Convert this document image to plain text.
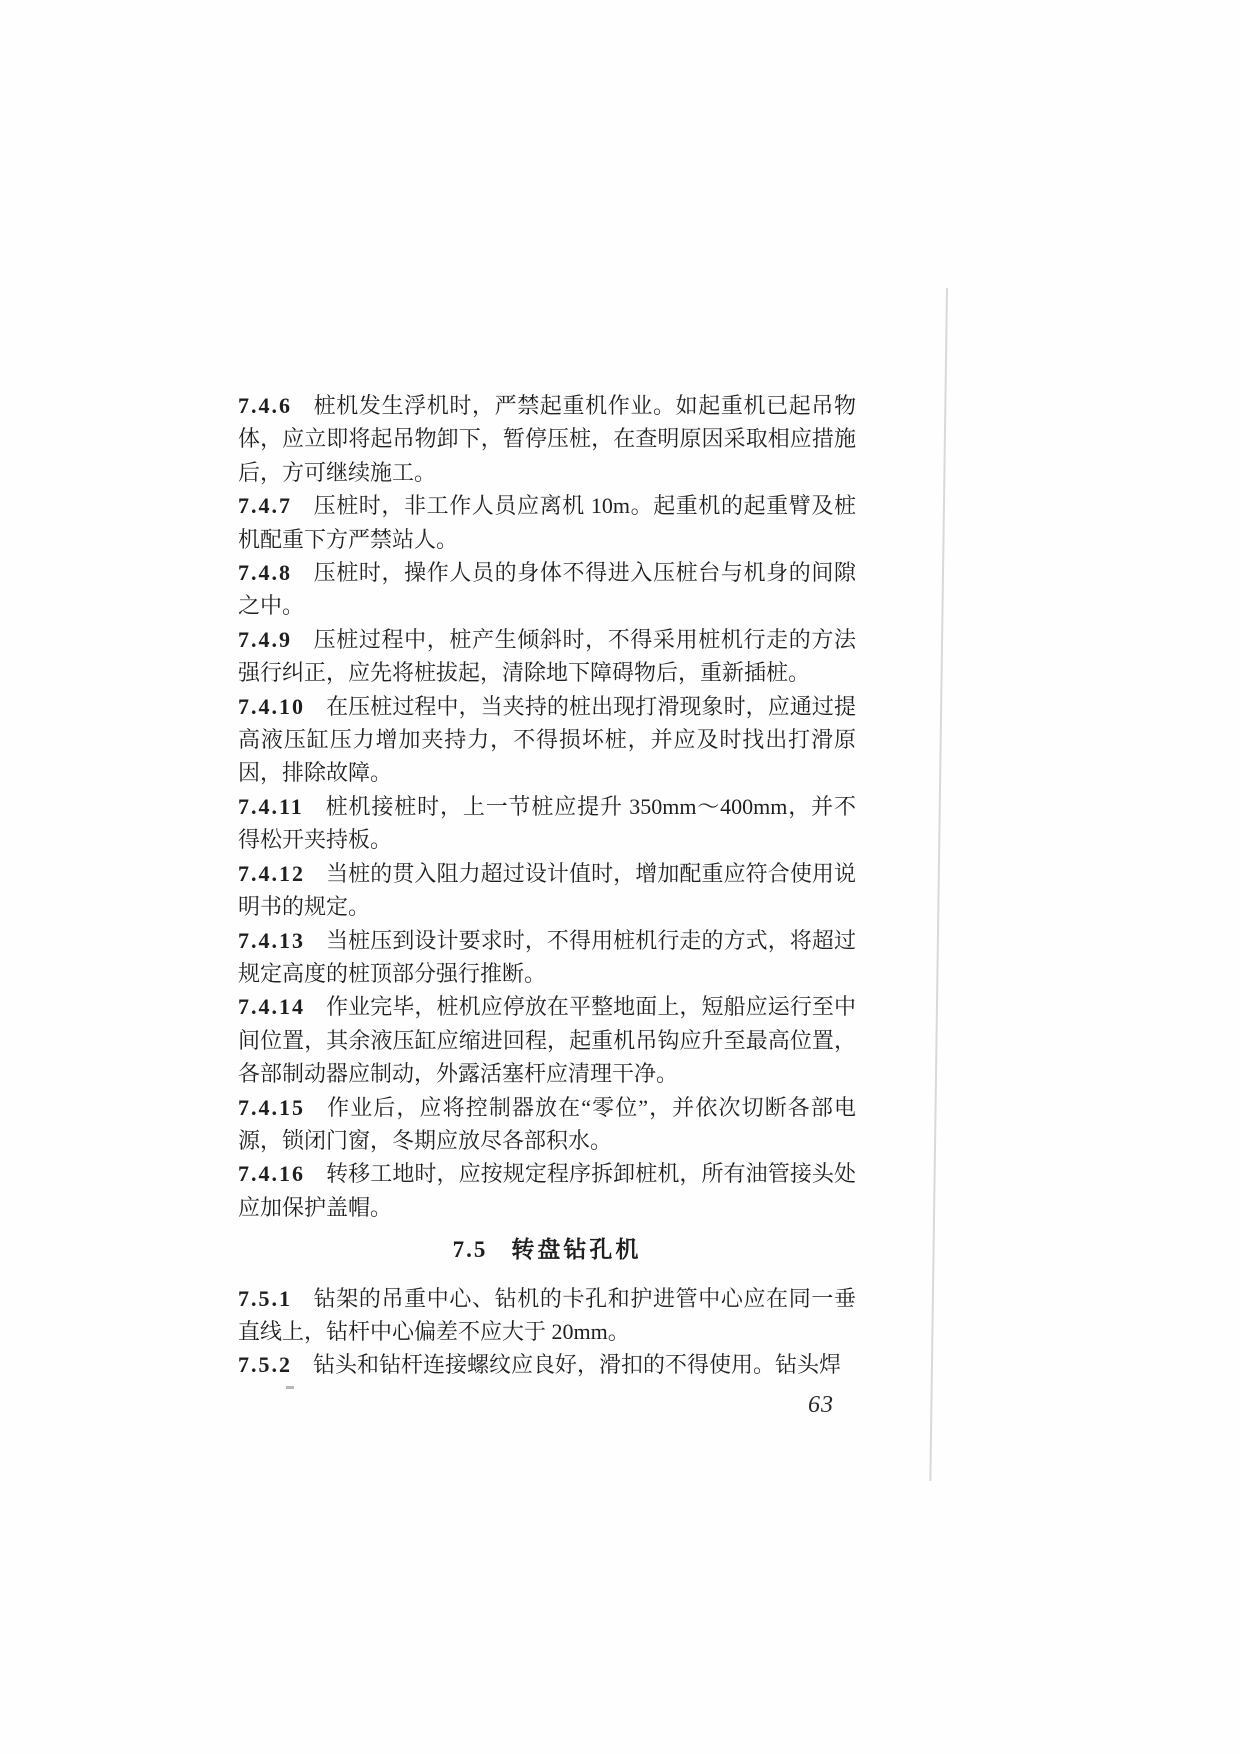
7.4.6 桩机发生浮机时，严禁起重机作业。如起重机已起吊物体，应立即将起吊物卸下，暂停压桩，在查明原因采取相应措施后，方可继续施工。

7.4.7 压桩时，非工作人员应离机 10m。起重机的起重臂及桩机配重下方严禁站人。

7.4.8 压桩时，操作人员的身体不得进入压桩台与机身的间隙之中。

7.4.9 压桩过程中，桩产生倾斜时，不得采用桩机行走的方法强行纠正，应先将桩拔起，清除地下障碍物后，重新插桩。

7.4.10 在压桩过程中，当夹持的桩出现打滑现象时，应通过提高液压缸压力增加夹持力，不得损坏桩，并应及时找出打滑原因，排除故障。

7.4.11 桩机接桩时，上一节桩应提升 350mm～400mm，并不得松开夹持板。

7.4.12 当桩的贯入阻力超过设计值时，增加配重应符合使用说明书的规定。

7.4.13 当桩压到设计要求时，不得用桩机行走的方式，将超过规定高度的桩顶部分强行推断。

7.4.14 作业完毕，桩机应停放在平整地面上，短船应运行至中间位置，其余液压缸应缩进回程，起重机吊钩应升至最高位置，各部制动器应制动，外露活塞杆应清理干净。

7.4.15 作业后，应将控制器放在“零位”，并依次切断各部电源，锁闭门窗，冬期应放尽各部积水。

7.4.16 转移工地时，应按规定程序拆卸桩机，所有油管接头处应加保护盖帽。

7.5 转盘钻孔机

7.5.1 钻架的吊重中心、钻机的卡孔和护进管中心应在同一垂直线上，钻杆中心偏差不应大于 20mm。

7.5.2 钻头和钻杆连接螺纹应良好，滑扣的不得使用。钻头焊

63
